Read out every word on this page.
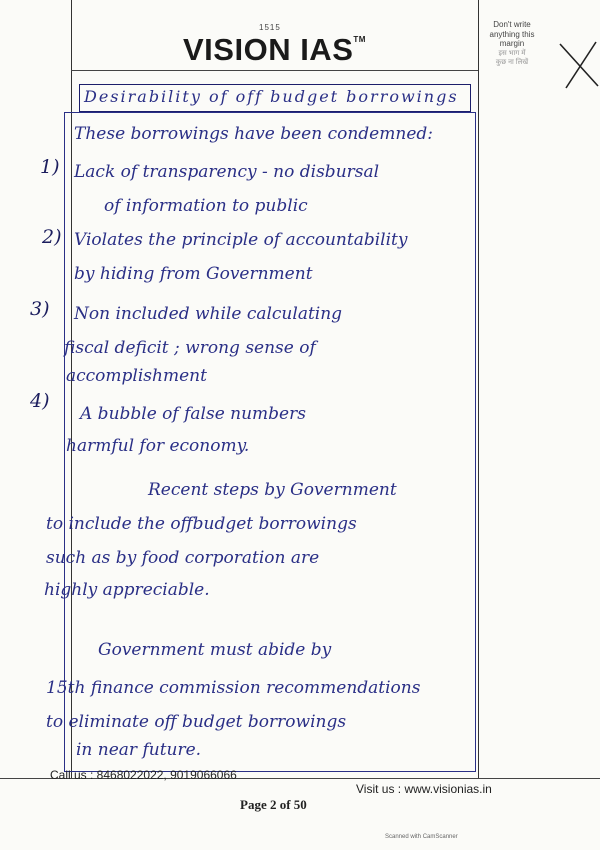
1515
VISION IAS™
Don't write
anything this
margin
इस भाग में
कुछ ना लिखें
Desirability of off budget borrowings
These borrowings have been condemned:
1) Lack of transparency - no disbursal
of information to public
2) Violates the principle of accountability
by hiding from Government
3) Non included while calculating
fiscal deficit ; wrong sense of
accomplishment
4)
A bubble of false numbers
harmful for economy.
Recent steps by Government
to include the offbudget borrowings
such as by food corporation are
highly appreciable.
Government must abide by
15th finance commission recommendations
to eliminate off budget borrowings
in near future.
Call us : 8468022022, 9019066066
Visit us : www.visionias.in
Page 2 of 50
Scanned with CamScanner
